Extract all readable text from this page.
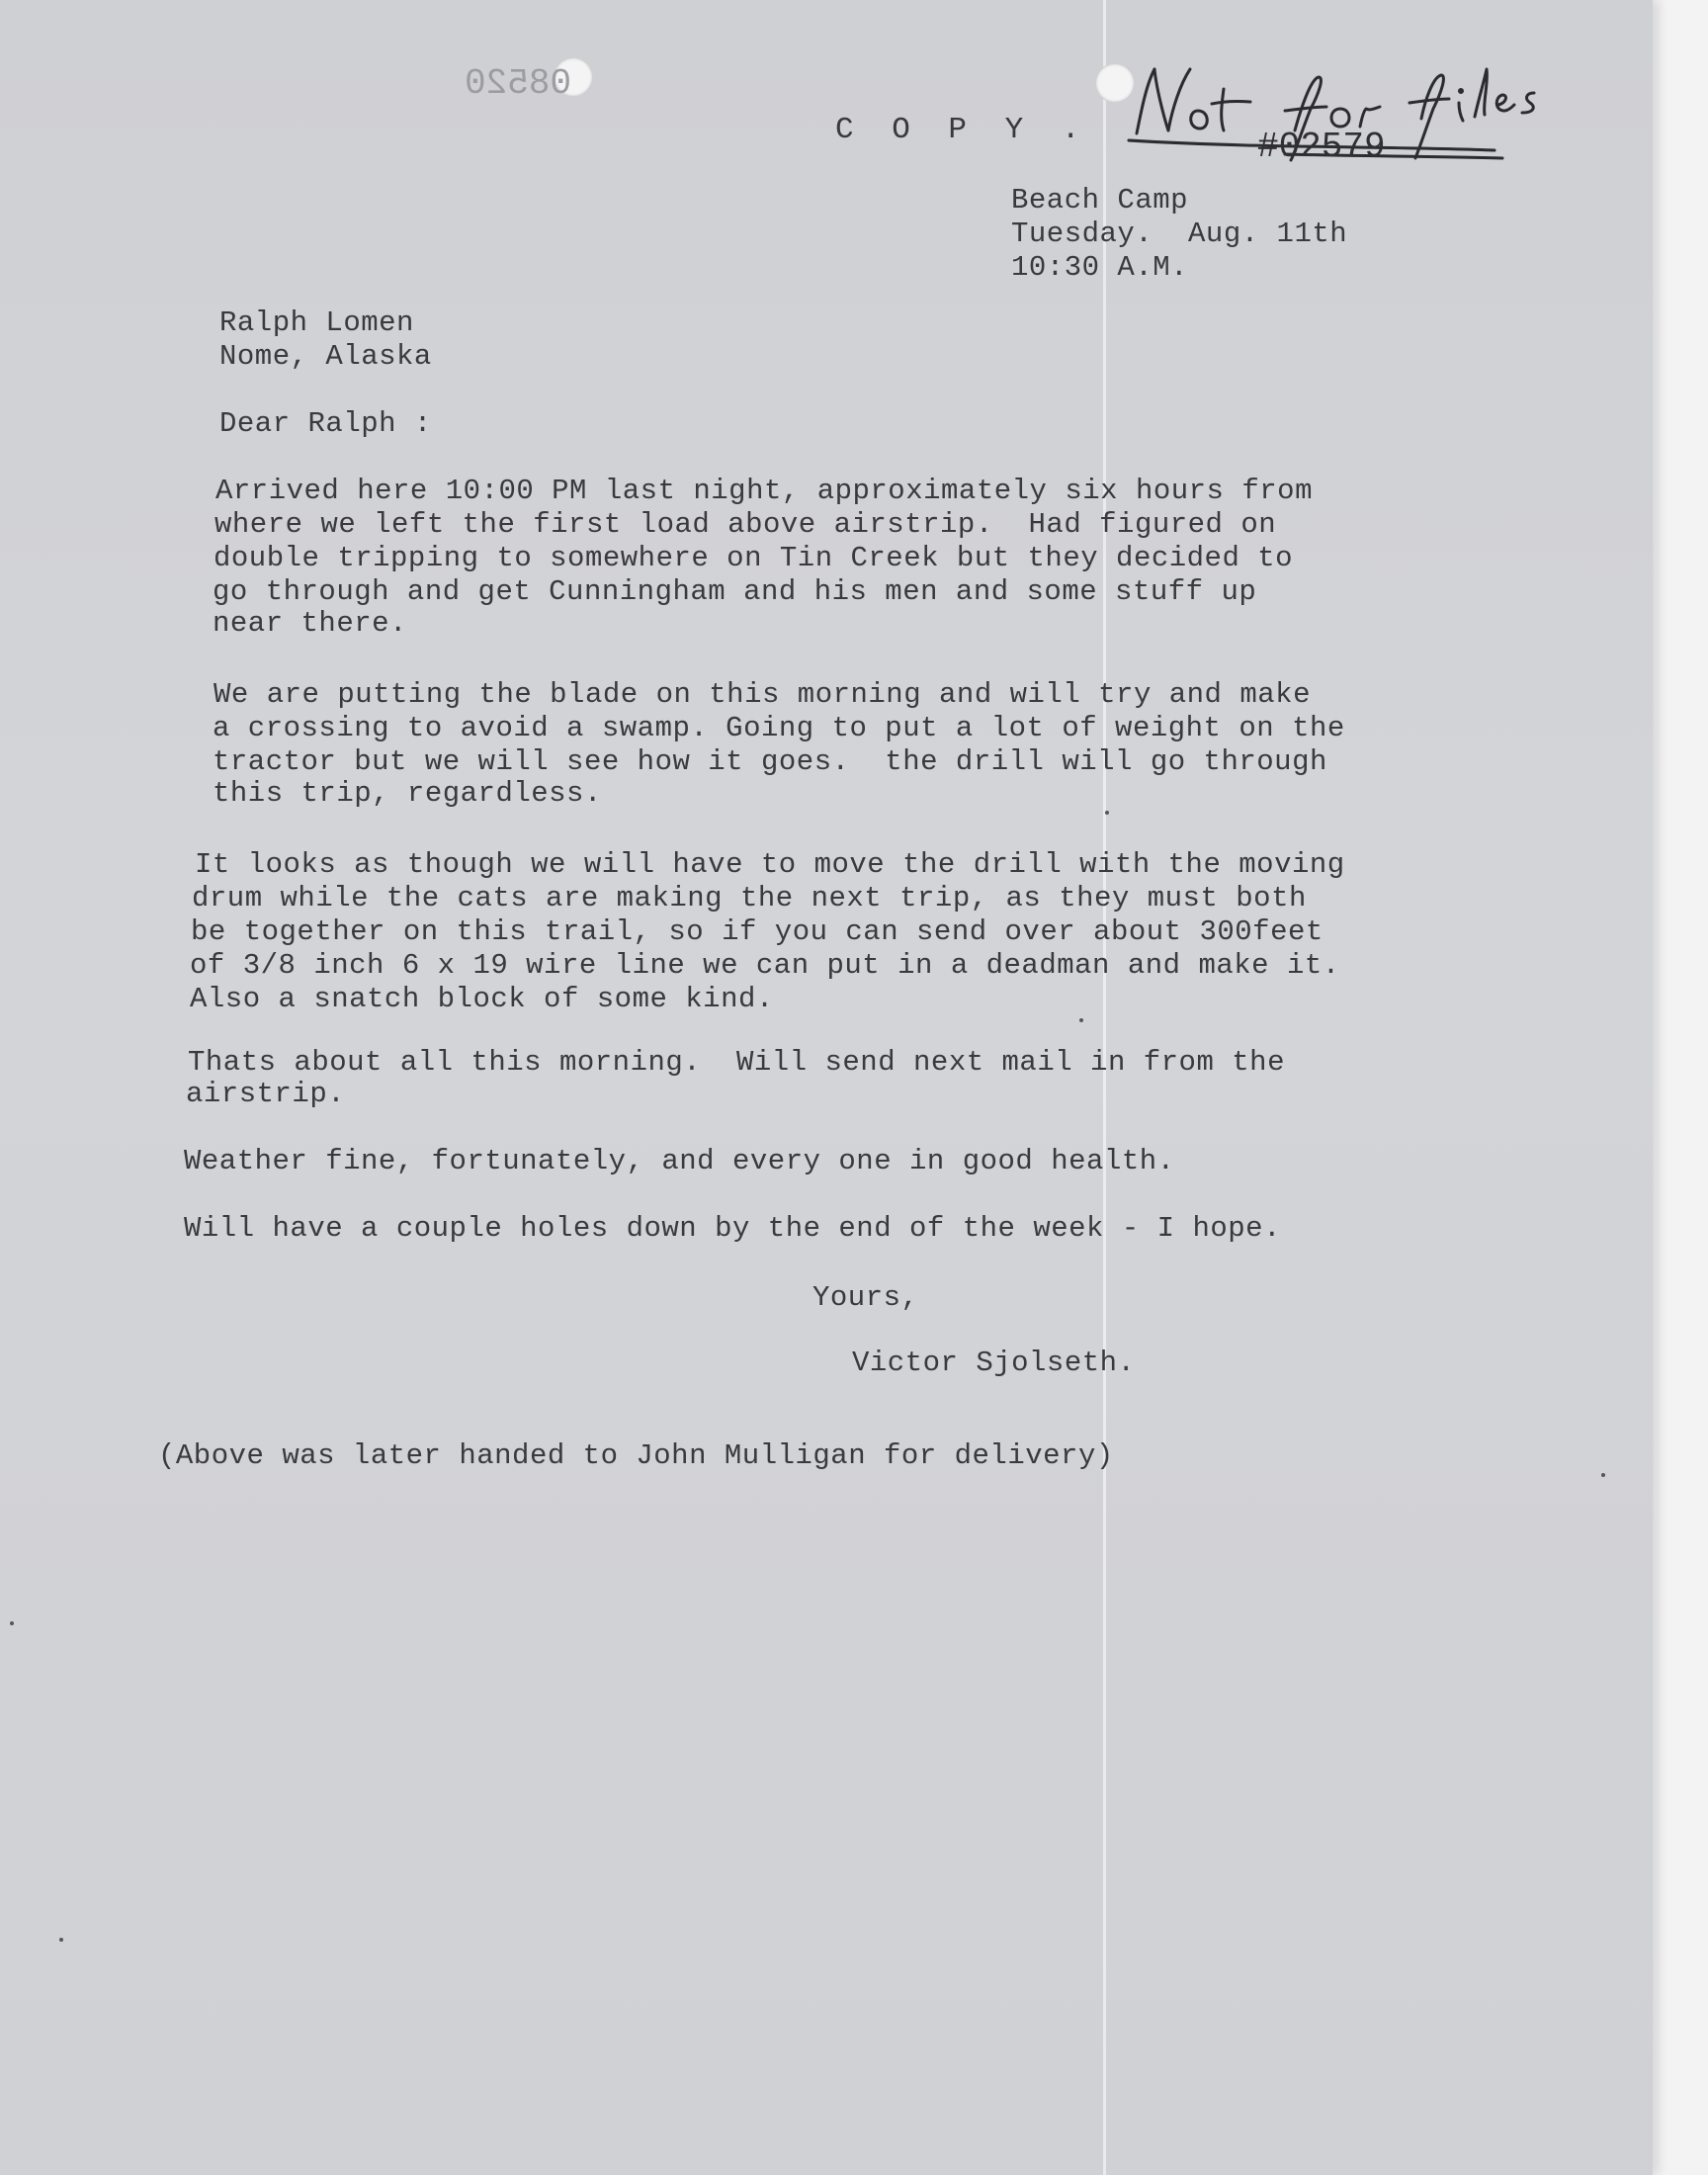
08520
C O P Y .	#02579

Beach Camp

Tuesday.  Aug. 11th

10:30 A.M.

Ralph Lomen

Nome, Alaska

Dear Ralph :

Arrived here 10:00 PM last night, approximately six hours from

where we left the first load above airstrip.  Had figured on

double tripping to somewhere on Tin Creek but they decided to

go through and get Cunningham and his men and some stuff up

near there.

We are putting the blade on this morning and will try and make

a crossing to avoid a swamp. Going to put a lot of weight on the

tractor but we will see how it goes.  the drill will go through

this trip, regardless.

It looks as though we will have to move the drill with the moving

drum while the cats are making the next trip, as they must both

be together on this trail, so if you can send over about 300feet

of 3/8 inch 6 x 19 wire line we can put in a deadman and make it.

Also a snatch block of some kind.

Thats about all this morning.  Will send next mail in from the

airstrip.

Weather fine, fortunately, and every one in good health.

Will have a couple holes down by the end of the week - I hope.

Yours,

Victor Sjolseth.

(Above was later handed to John Mulligan for delivery)
